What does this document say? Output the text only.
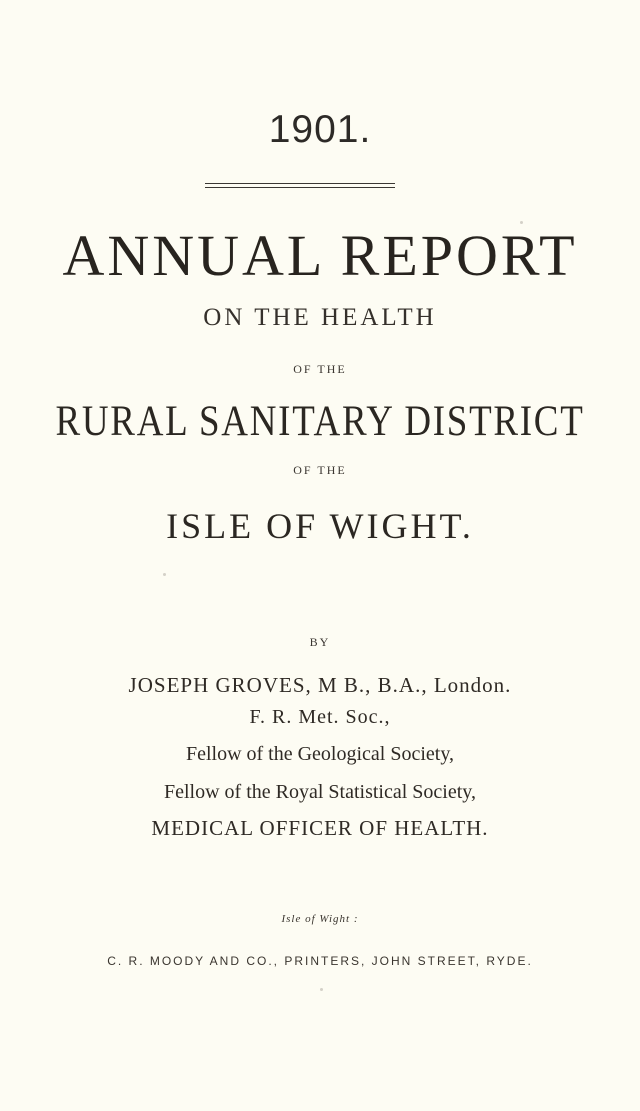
1901.
ANNUAL REPORT
ON THE HEALTH
OF THE
RURAL SANITARY DISTRICT
OF THE
ISLE OF WIGHT.
BY
JOSEPH GROVES, M B., B.A., London.
F. R. Met. Soc.,
Fellow of the Geological Society,
Fellow of the Royal Statistical Society,
MEDICAL OFFICER OF HEALTH.
Isle of Wight :
C. R. MOODY AND CO., PRINTERS, JOHN STREET, RYDE.
